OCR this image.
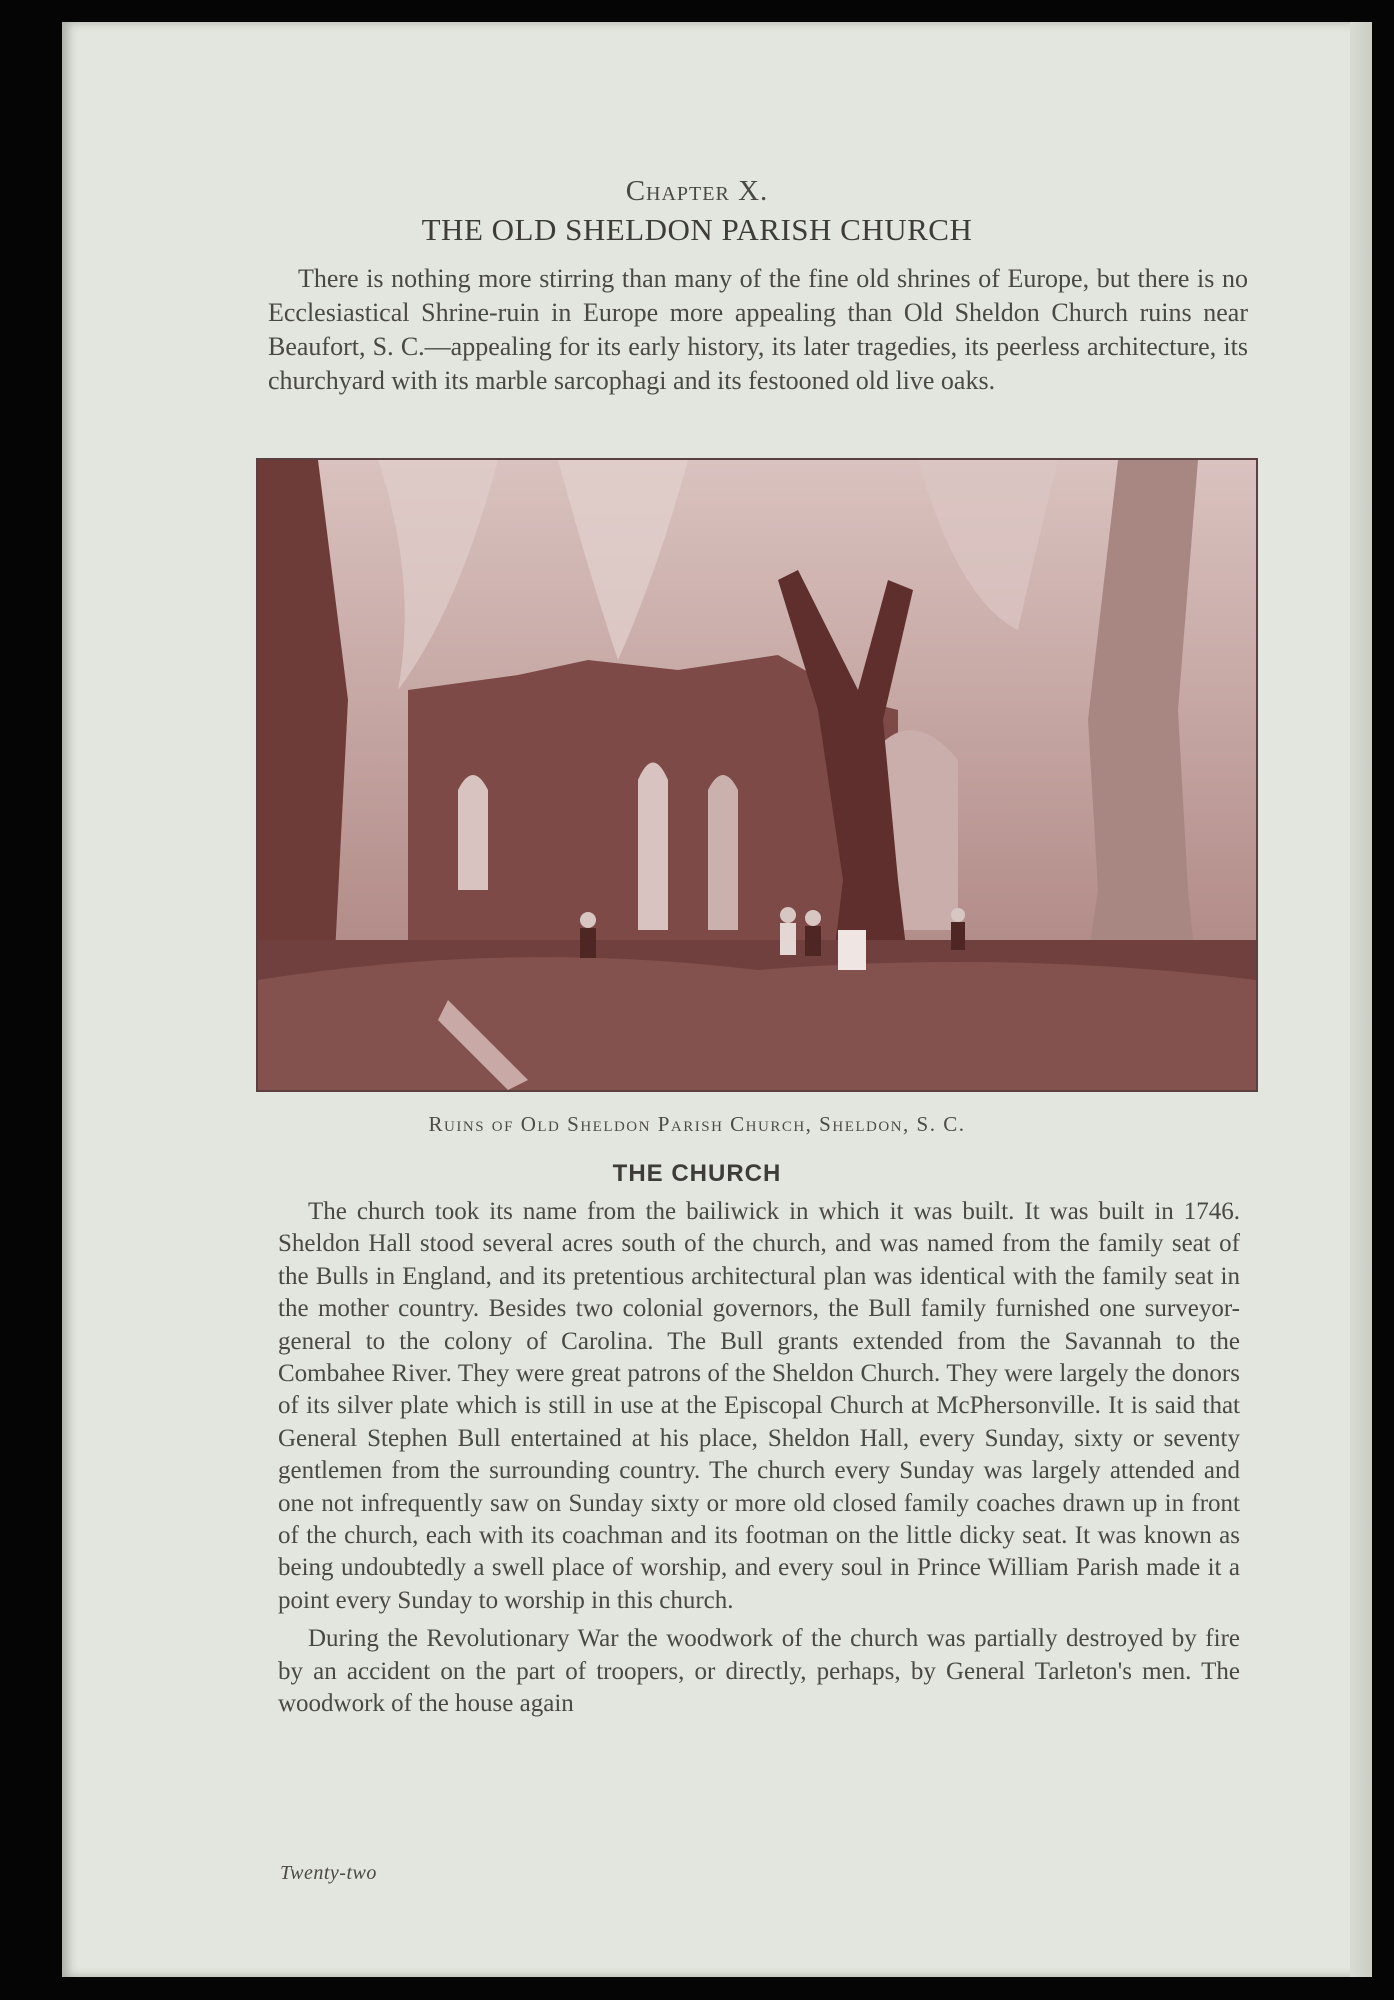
Chapter X.
THE OLD SHELDON PARISH CHURCH
There is nothing more stirring than many of the fine old shrines of Europe, but there is no Ecclesiastical Shrine-ruin in Europe more appealing than Old Sheldon Church ruins near Beaufort, S. C.—appealing for its early history, its later tragedies, its peerless architecture, its churchyard with its marble sarcophagi and its festooned old live oaks.
Ruins of Old Sheldon Parish Church, Sheldon, S. C.
THE CHURCH

The church took its name from the bailiwick in which it was built. It was built in 1746. Sheldon Hall stood several acres south of the church, and was named from the family seat of the Bulls in England, and its pretentious architectural plan was identical with the family seat in the mother country. Besides two colonial governors, the Bull family furnished one surveyor-general to the colony of Carolina. The Bull grants extended from the Savannah to the Combahee River. They were great patrons of the Sheldon Church. They were largely the donors of its silver plate which is still in use at the Episcopal Church at McPhersonville. It is said that General Stephen Bull entertained at his place, Sheldon Hall, every Sunday, sixty or seventy gentlemen from the surrounding country. The church every Sunday was largely attended and one not infrequently saw on Sunday sixty or more old closed family coaches drawn up in front of the church, each with its coachman and its footman on the little dicky seat. It was known as being undoubtedly a swell place of worship, and every soul in Prince William Parish made it a point every Sunday to worship in this church.

During the Revolutionary War the woodwork of the church was partially destroyed by fire by an accident on the part of troopers, or directly, perhaps, by General Tarleton's men. The woodwork of the house again

Twenty-two
